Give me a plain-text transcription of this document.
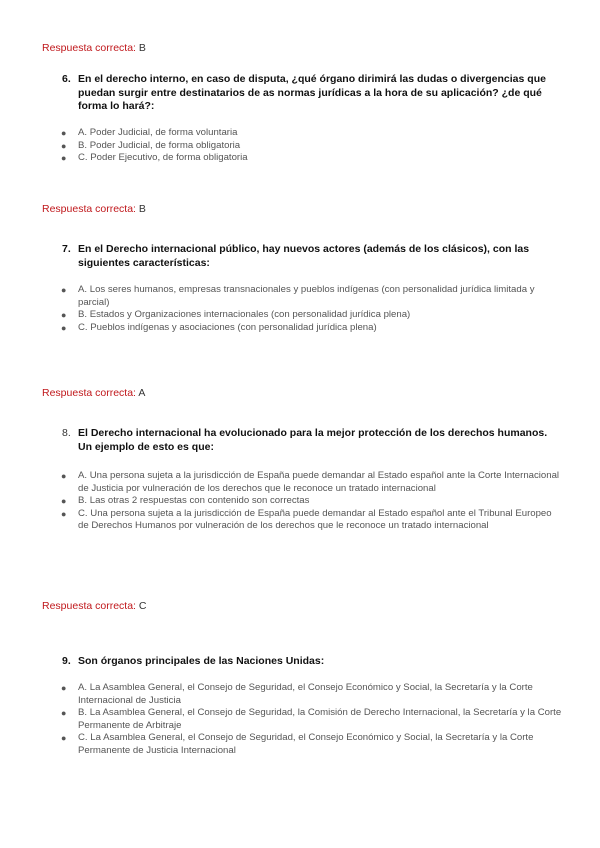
Respuesta correcta: B
6. En el derecho interno, en caso de disputa, ¿qué órgano dirimirá las dudas o divergencias que puedan surgir entre destinatarios de as normas jurídicas a la hora de su aplicación? ¿de qué forma lo hará?:
● A. Poder Judicial, de forma voluntaria
● B. Poder Judicial, de forma obligatoria
● C. Poder Ejecutivo, de forma obligatoria
Respuesta correcta: B
7. En el Derecho internacional público, hay nuevos actores (además de los clásicos), con las siguientes características:
● A. Los seres humanos, empresas transnacionales y pueblos indígenas (con personalidad jurídica limitada y parcial)
● B. Estados y Organizaciones internacionales (con personalidad jurídica plena)
● C. Pueblos indígenas y asociaciones (con personalidad jurídica plena)
Respuesta correcta: A
8. El Derecho internacional ha evolucionado para la mejor protección de los derechos humanos. Un ejemplo de esto es que:
● A. Una persona sujeta a la jurisdicción de España puede demandar al Estado español ante la Corte Internacional de Justicia por vulneración de los derechos que le reconoce un tratado internacional
● B. Las otras 2 respuestas con contenido son correctas
● C. Una persona sujeta a la jurisdicción de España puede demandar al Estado español ante el Tribunal Europeo de Derechos Humanos por vulneración de los derechos que le reconoce un tratado internacional
Respuesta correcta: C
9. Son órganos principales de las Naciones Unidas:
● A. La Asamblea General, el Consejo de Seguridad, el Consejo Económico y Social, la Secretaría y la Corte Internacional de Justicia
● B. La Asamblea General, el Consejo de Seguridad, la Comisión de Derecho Internacional, la Secretaría y la Corte Permanente de Arbitraje
● C. La Asamblea General, el Consejo de Seguridad, el Consejo Económico y Social, la Secretaría y la Corte Permanente de Justicia Internacional
